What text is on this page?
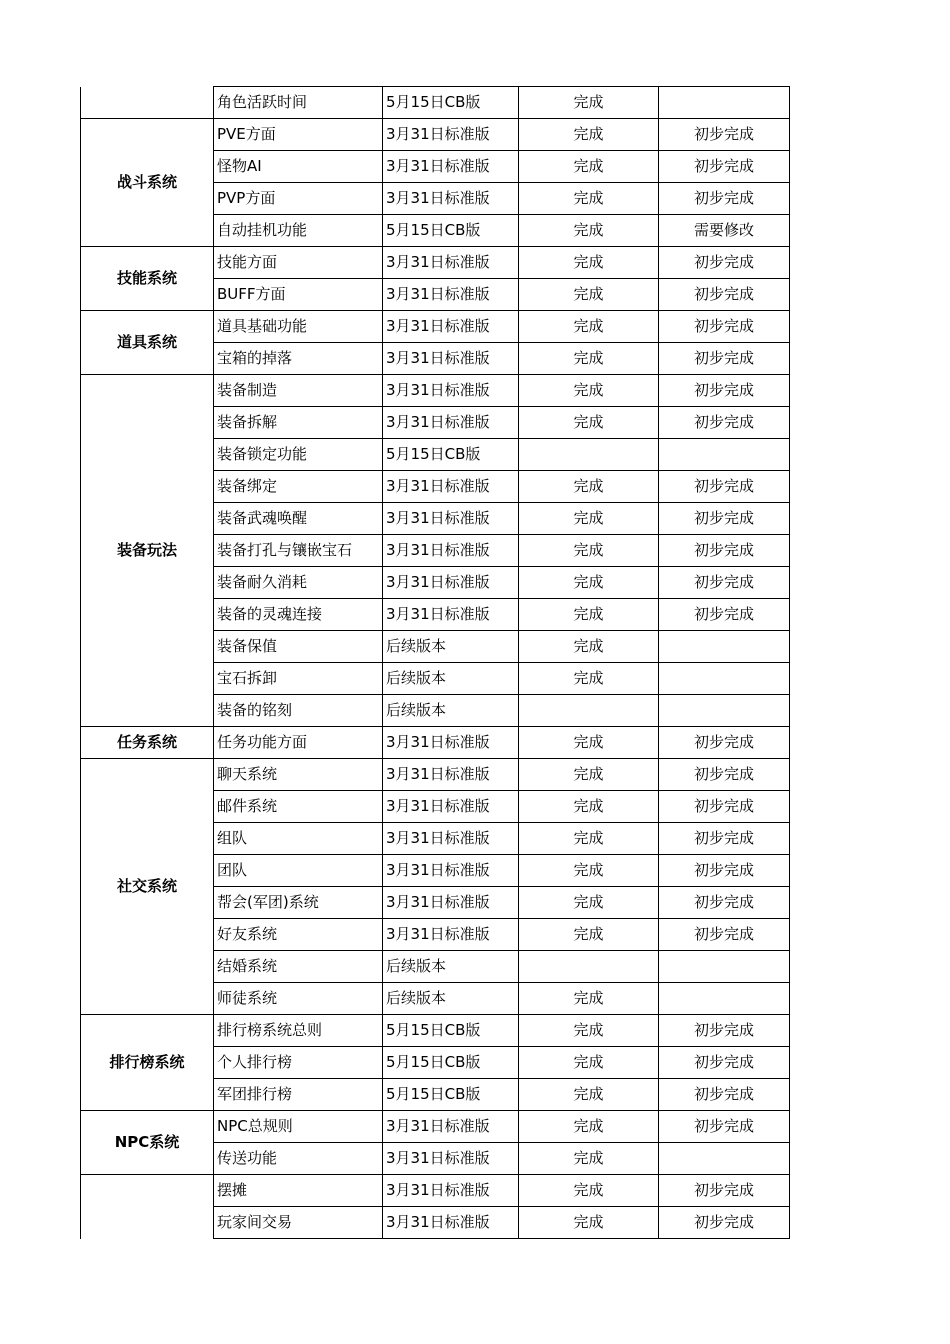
	角色活跃时间	5月15日CB版	完成	
战斗系统	PVE方面	3月31日标准版	完成	初步完成
	怪物AI	3月31日标准版	完成	初步完成
	PVP方面	3月31日标准版	完成	初步完成
	自动挂机功能	5月15日CB版	完成	需要修改
技能系统	技能方面	3月31日标准版	完成	初步完成
	BUFF方面	3月31日标准版	完成	初步完成
道具系统	道具基础功能	3月31日标准版	完成	初步完成
	宝箱的掉落	3月31日标准版	完成	初步完成
装备玩法	装备制造	3月31日标准版	完成	初步完成
	装备拆解	3月31日标准版	完成	初步完成
	装备锁定功能	5月15日CB版		
	装备绑定	3月31日标准版	完成	初步完成
	装备武魂唤醒	3月31日标准版	完成	初步完成
	装备打孔与镶嵌宝石	3月31日标准版	完成	初步完成
	装备耐久消耗	3月31日标准版	完成	初步完成
	装备的灵魂连接	3月31日标准版	完成	初步完成
	装备保值	后续版本	完成	
	宝石拆卸	后续版本	完成	
	装备的铭刻	后续版本		
任务系统	任务功能方面	3月31日标准版	完成	初步完成
社交系统	聊天系统	3月31日标准版	完成	初步完成
	邮件系统	3月31日标准版	完成	初步完成
	组队	3月31日标准版	完成	初步完成
	团队	3月31日标准版	完成	初步完成
	帮会(军团)系统	3月31日标准版	完成	初步完成
	好友系统	3月31日标准版	完成	初步完成
	结婚系统	后续版本		
	师徒系统	后续版本	完成	
排行榜系统	排行榜系统总则	5月15日CB版	完成	初步完成
	个人排行榜	5月15日CB版	完成	初步完成
	军团排行榜	5月15日CB版	完成	初步完成
NPC系统	NPC总规则	3月31日标准版	完成	初步完成
	传送功能	3月31日标准版	完成	
	摆摊	3月31日标准版	完成	初步完成
	玩家间交易	3月31日标准版	完成	初步完成
